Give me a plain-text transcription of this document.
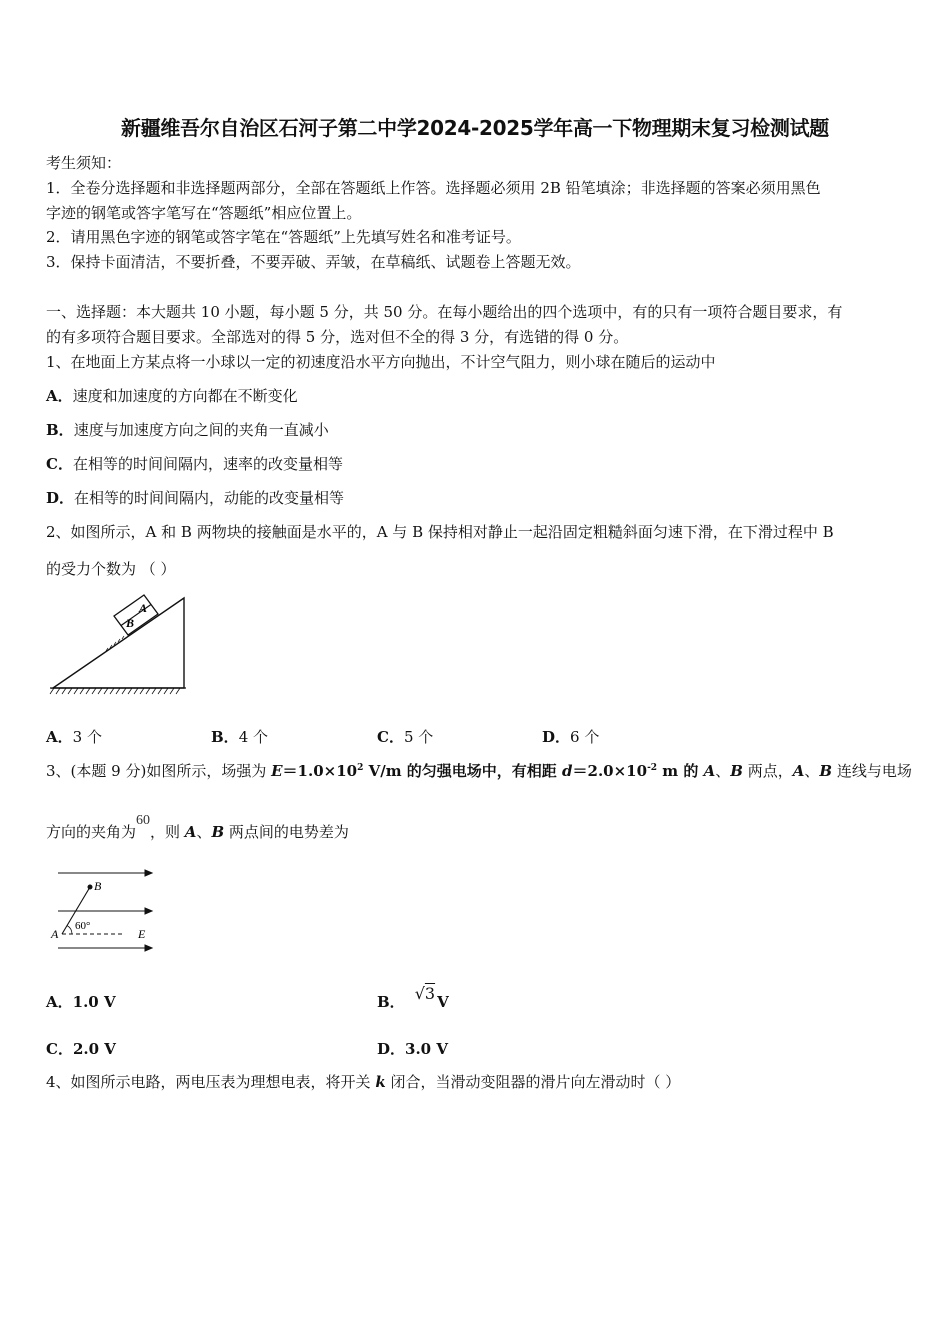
新疆维吾尔自治区石河子第二中学2024-2025学年高一下物理期末复习检测试题
考生须知：
1．全卷分选择题和非选择题两部分，全部在答题纸上作答。选择题必须用 2B 铅笔填涂；非选择题的答案必须用黑色
字迹的钢笔或答字笔写在“答题纸”相应位置上。
2．请用黑色字迹的钢笔或答字笔在“答题纸”上先填写姓名和准考证号。
3．保持卡面清洁，不要折叠，不要弄破、弄皱，在草稿纸、试题卷上答题无效。
一、选择题：本大题共 10 小题，每小题 5 分，共 50 分。在每小题给出的四个选项中，有的只有一项符合题目要求，有
的有多项符合题目要求。全部选对的得 5 分，选对但不全的得 3 分，有选错的得 0 分。
1、在地面上方某点将一小球以一定的初速度沿水平方向抛出，不计空气阻力，则小球在随后的运动中
A．速度和加速度的方向都在不断变化
B．速度与加速度方向之间的夹角一直减小
C．在相等的时间间隔内，速率的改变量相等
D．在相等的时间间隔内，动能的改变量相等
2、如图所示，A 和 B 两物块的接触面是水平的，A 与 B 保持相对静止一起沿固定粗糙斜面匀速下滑，在下滑过程中 B
的受力个数为 （ ）
A
B
A．3 个	B．4 个	C．5 个	D．6 个
3、(本题 9 分)如图所示，场强为 $E=1.0\times 10^2$ V/m 的匀强电场中，有相距 $d=2.0\times 10^{-2}$ m 的 A、B 两点，A、B 连线与电场
方向的夹角为60，则 A、B 两点间的电势差为
B
A	E
60°
A．1.0 V	B． √3 V
C．2.0 V	D．3.0 V
4、如图所示电路，两电压表为理想电表，将开关 k 闭合，当滑动变阻器的滑片向左滑动时（ ）
